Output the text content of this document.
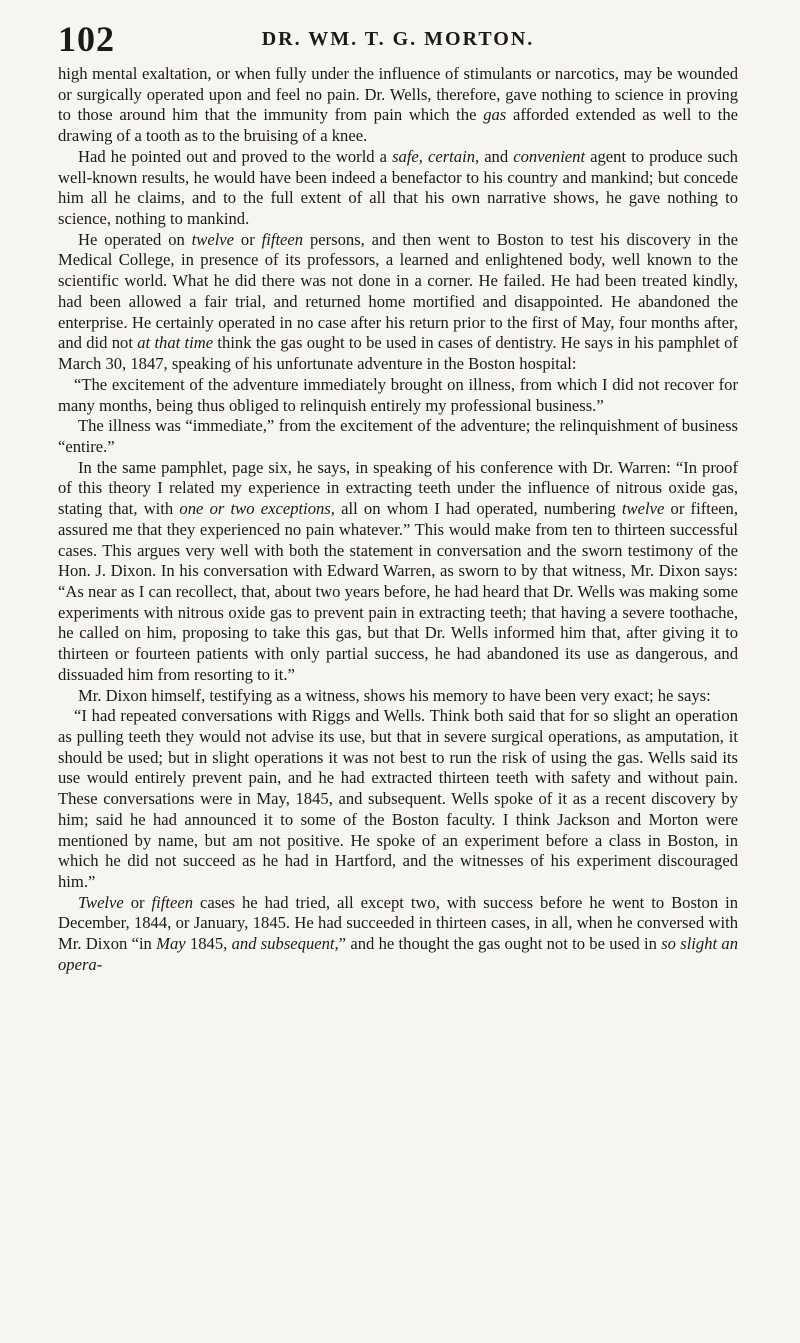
102	DR. WM. T. G. MORTON.

high mental exaltation, or when fully under the influence of stimulants or narcotics, may be wounded or surgically operated upon and feel no pain. Dr. Wells, therefore, gave nothing to science in proving to those around him that the immunity from pain which the gas afforded extended as well to the drawing of a tooth as to the bruising of a knee.

Had he pointed out and proved to the world a safe, certain, and convenient agent to produce such well-known results, he would have been indeed a benefactor to his country and mankind; but concede him all he claims, and to the full extent of all that his own narrative shows, he gave nothing to science, nothing to mankind.

He operated on twelve or fifteen persons, and then went to Boston to test his discovery in the Medical College, in presence of its professors, a learned and enlightened body, well known to the scientific world. What he did there was not done in a corner. He failed. He had been treated kindly, had been allowed a fair trial, and returned home mortified and disappointed. He abandoned the enterprise. He certainly operated in no case after his return prior to the first of May, four months after, and did not at that time think the gas ought to be used in cases of dentistry. He says in his pamphlet of March 30, 1847, speaking of his unfortunate adventure in the Boston hospital:

“The excitement of the adventure immediately brought on illness, from which I did not recover for many months, being thus obliged to relinquish entirely my professional business.”

The illness was “immediate,” from the excitement of the adventure; the relinquishment of business “entire.”

In the same pamphlet, page six, he says, in speaking of his conference with Dr. Warren: “In proof of this theory I related my experience in extracting teeth under the influence of nitrous oxide gas, stating that, with one or two exceptions, all on whom I had operated, numbering twelve or fifteen, assured me that they experienced no pain whatever.” This would make from ten to thirteen successful cases. This argues very well with both the statement in conversation and the sworn testimony of the Hon. J. Dixon. In his conversation with Edward Warren, as sworn to by that witness, Mr. Dixon says: “As near as I can recollect, that, about two years before, he had heard that Dr. Wells was making some experiments with nitrous oxide gas to prevent pain in extracting teeth; that having a severe toothache, he called on him, proposing to take this gas, but that Dr. Wells informed him that, after giving it to thirteen or fourteen patients with only partial success, he had abandoned its use as dangerous, and dissuaded him from resorting to it.”

Mr. Dixon himself, testifying as a witness, shows his memory to have been very exact; he says:

“I had repeated conversations with Riggs and Wells. Think both said that for so slight an operation as pulling teeth they would not advise its use, but that in severe surgical operations, as amputation, it should be used; but in slight operations it was not best to run the risk of using the gas. Wells said its use would entirely prevent pain, and he had extracted thirteen teeth with safety and without pain. These conversations were in May, 1845, and subsequent. Wells spoke of it as a recent discovery by him; said he had announced it to some of the Boston faculty. I think Jackson and Morton were mentioned by name, but am not positive. He spoke of an experiment before a class in Boston, in which he did not succeed as he had in Hartford, and the witnesses of his experiment discouraged him.”

Twelve or fifteen cases he had tried, all except two, with success before he went to Boston in December, 1844, or January, 1845. He had succeeded in thirteen cases, in all, when he conversed with Mr. Dixon “in May 1845, and subsequent,” and he thought the gas ought not to be used in so slight an opera-
